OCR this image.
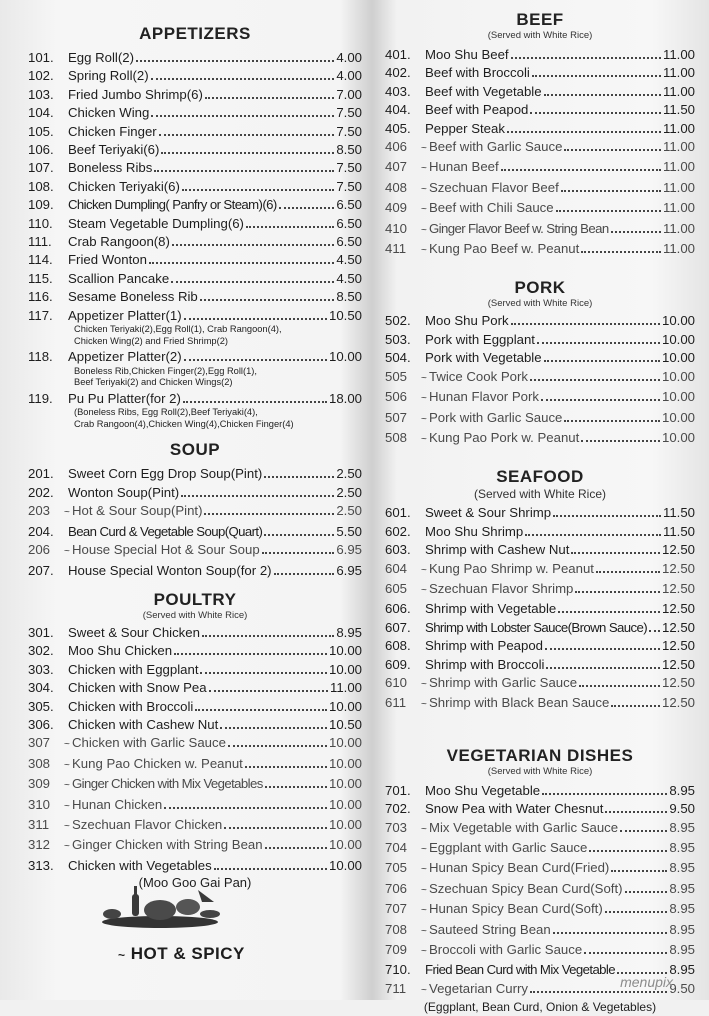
APPETIZERS
101.	Egg Roll(2)	4.00
102.	Spring Roll(2)	4.00
103.	Fried Jumbo Shrimp(6)	7.00
104.	Chicken Wing	7.50
105.	Chicken Finger	7.50
106.	Beef Teriyaki(6)	8.50
107.	Boneless Ribs	7.50
108.	Chicken Teriyaki(6)	7.50
109.	Chicken Dumpling( Panfry or Steam)(6)	6.50
110.	Steam Vegetable Dumpling(6)	6.50
111.	Crab Rangoon(8)	6.50
114.	Fried Wonton	4.50
115.	Scallion Pancake	4.50
116.	Sesame Boneless Rib	8.50
117.	Appetizer Platter(1)	10.50
Chicken Teriyaki(2),Egg Roll(1), Crab Rangoon(4),
Chicken Wing(2) and Fried Shrimp(2)
118.	Appetizer Platter(2)	10.00
Boneless Rib,Chicken Finger(2),Egg Roll(1),
Beef Teriyaki(2) and Chicken Wings(2)
119.	Pu Pu Platter(for 2)	18.00
(Boneless Ribs, Egg Roll(2),Beef Teriyaki(4),
Crab Rangoon(4),Chicken Wing(4),Chicken Finger(4)
SOUP
201.	Sweet Corn Egg Drop Soup(Pint)	2.50
202.	Wonton Soup(Pint)	2.50
203	~ Hot & Sour Soup(Pint)	2.50
204.	Bean Curd & Vegetable Soup(Quart)	5.50
206	~ House Special Hot & Sour Soup	6.95
207.	House Special Wonton Soup(for 2)	6.95
POULTRY
(Served with White Rice)
301.	Sweet & Sour Chicken	8.95
302.	Moo Shu Chicken	10.00
303.	Chicken with Eggplant	10.00
304.	Chicken with Snow Pea	11.00
305.	Chicken with Broccoli	10.00
306.	Chicken with Cashew Nut	10.50
307	~ Chicken with Garlic Sauce	10.00
308	~ Kung Pao Chicken w. Peanut	10.00
309	~ Ginger Chicken with Mix Vegetables	10.00
310	~ Hunan Chicken	10.00
311	~ Szechuan Flavor Chicken	10.00
312	~ Ginger Chicken with String Bean	10.00
313.	Chicken with Vegetables	10.00
(Moo Goo Gai Pan)
~ HOT & SPICY
BEEF
(Served with White Rice)
401.	Moo Shu Beef	11.00
402.	Beef with Broccoli	11.00
403.	Beef with Vegetable	11.00
404.	Beef with Peapod	11.50
405.	Pepper Steak	11.00
406	~ Beef with Garlic Sauce	11.00
407	~ Hunan Beef	11.00
408	~ Szechuan Flavor Beef	11.00
409	~ Beef with Chili Sauce	11.00
410	~ Ginger Flavor Beef w. String Bean	11.00
411	~ Kung Pao Beef w. Peanut	11.00
PORK
(Served with White Rice)
502.	Moo Shu Pork	10.00
503.	Pork with Eggplant	10.00
504.	Pork with Vegetable	10.00
505	~ Twice Cook Pork	10.00
506	~ Hunan Flavor Pork	10.00
507	~ Pork with Garlic Sauce	10.00
508	~ Kung Pao Pork w. Peanut	10.00
SEAFOOD
(Served with White Rice)
601.	Sweet & Sour Shrimp	11.50
602.	Moo Shu Shrimp	11.50
603.	Shrimp with Cashew Nut	12.50
604	~ Kung Pao Shrimp w. Peanut	12.50
605	~ Szechuan Flavor Shrimp	12.50
606.	Shrimp with Vegetable	12.50
607.	Shrimp with Lobster Sauce(Brown Sauce) 12.50
608.	Shrimp with Peapod	12.50
609.	Shrimp with Broccoli	12.50
610	~ Shrimp with Garlic Sauce	12.50
611	~ Shrimp with Black Bean Sauce	12.50
VEGETARIAN DISHES
(Served with White Rice)
701.	Moo Shu Vegetable	8.95
702.	Snow Pea with Water Chesnut	9.50
703	~ Mix Vegetable with Garlic Sauce	8.95
704	~ Eggplant with Garlic Sauce	8.95
705	~ Hunan Spicy Bean Curd(Fried)	8.95
706	~ Szechuan Spicy Bean Curd(Soft)	8.95
707	~ Hunan Spicy Bean Curd(Soft)	8.95
708	~ Sauteed String Bean	8.95
709	~ Broccoli with Garlic Sauce	8.95
710.	Fried Bean Curd with Mix Vegetable	8.95
711	~ Vegetarian Curry	9.50
(Eggplant, Bean Curd, Onion & Vegetables)
menupix
